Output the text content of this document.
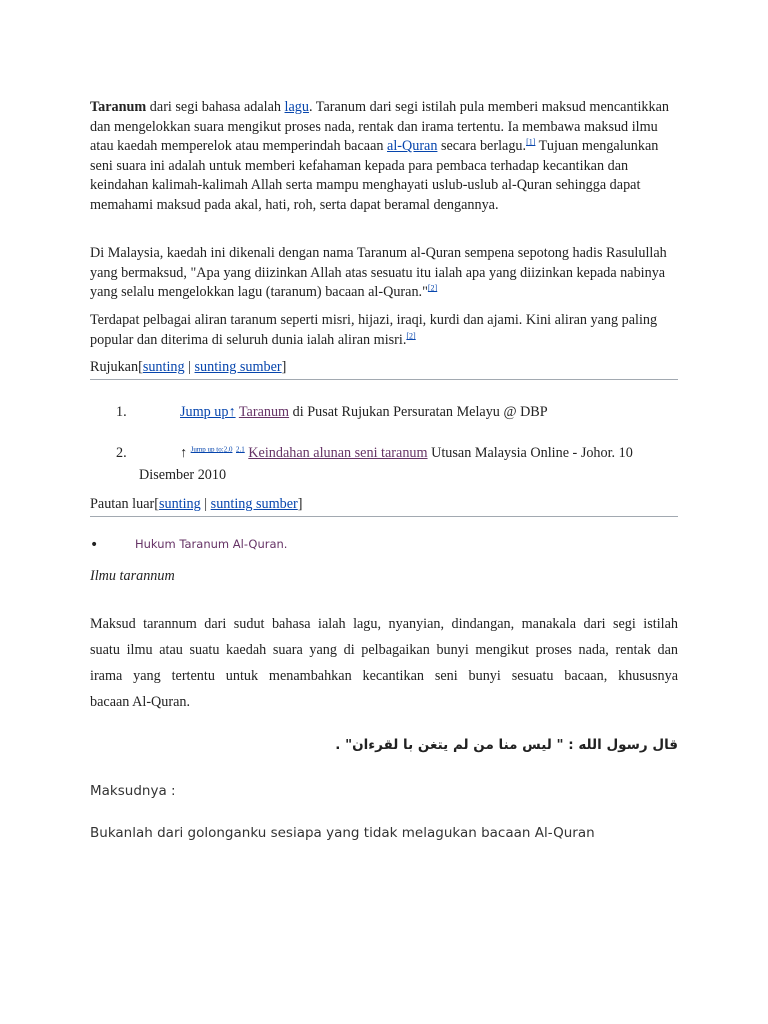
Taranum dari segi bahasa adalah lagu. Taranum dari segi istilah pula memberi maksud mencantikkan dan mengelokkan suara mengikut proses nada, rentak dan irama tertentu. Ia membawa maksud ilmu atau kaedah memperelok atau memperindah bacaan al-Quran secara berlagu.[1] Tujuan mengalunkan seni suara ini adalah untuk memberi kefahaman kepada para pembaca terhadap kecantikan dan keindahan kalimah-kalimah Allah serta mampu menghayati uslub-uslub al-Quran sehingga dapat memahami maksud pada akal, hati, roh, serta dapat beramal dengannya.

Di Malaysia, kaedah ini dikenali dengan nama Taranum al-Quran sempena sepotong hadis Rasulullah yang bermaksud, "Apa yang diizinkan Allah atas sesuatu itu ialah apa yang diizinkan kepada nabinya yang selalu mengelokkan lagu (taranum) bacaan al-Quran."[2]

Terdapat pelbagai aliran taranum seperti misri, hijazi, iraqi, kurdi dan ajami. Kini aliran yang paling popular dan diterima di seluruh dunia ialah aliran misri.[2]

Rujukan[sunting | sunting sumber]
1.	Jump up↑ Taranum di Pusat Rujukan Persuratan Melayu @ DBP
2.	↑ $^{Jump up to:2.0}$ $^{2.1}$ Keindahan alunan seni taranum Utusan Malaysia Online - Johor. 10
Disember 2010
Pautan luar[sunting | sunting sumber]
•	Hukum Taranum Al-Quran.
Ilmu tarannum
Maksud tarannum dari sudut bahasa ialah lagu, nyanyian, dindangan, manakala dari segi istilah
suatu ilmu atau suatu kaedah suara yang di pelbagaikan bunyi mengikut proses nada, rentak dan
irama yang tertentu untuk menambahkan kecantikan seni bunyi sesuatu bacaan, khususnya
bacaan Al-Quran.
قال رسول الله : " ليس منا من لم يتغن با لقرءان" .
Maksudnya :
Bukanlah dari golonganku sesiapa yang tidak melagukan bacaan Al-Quran
